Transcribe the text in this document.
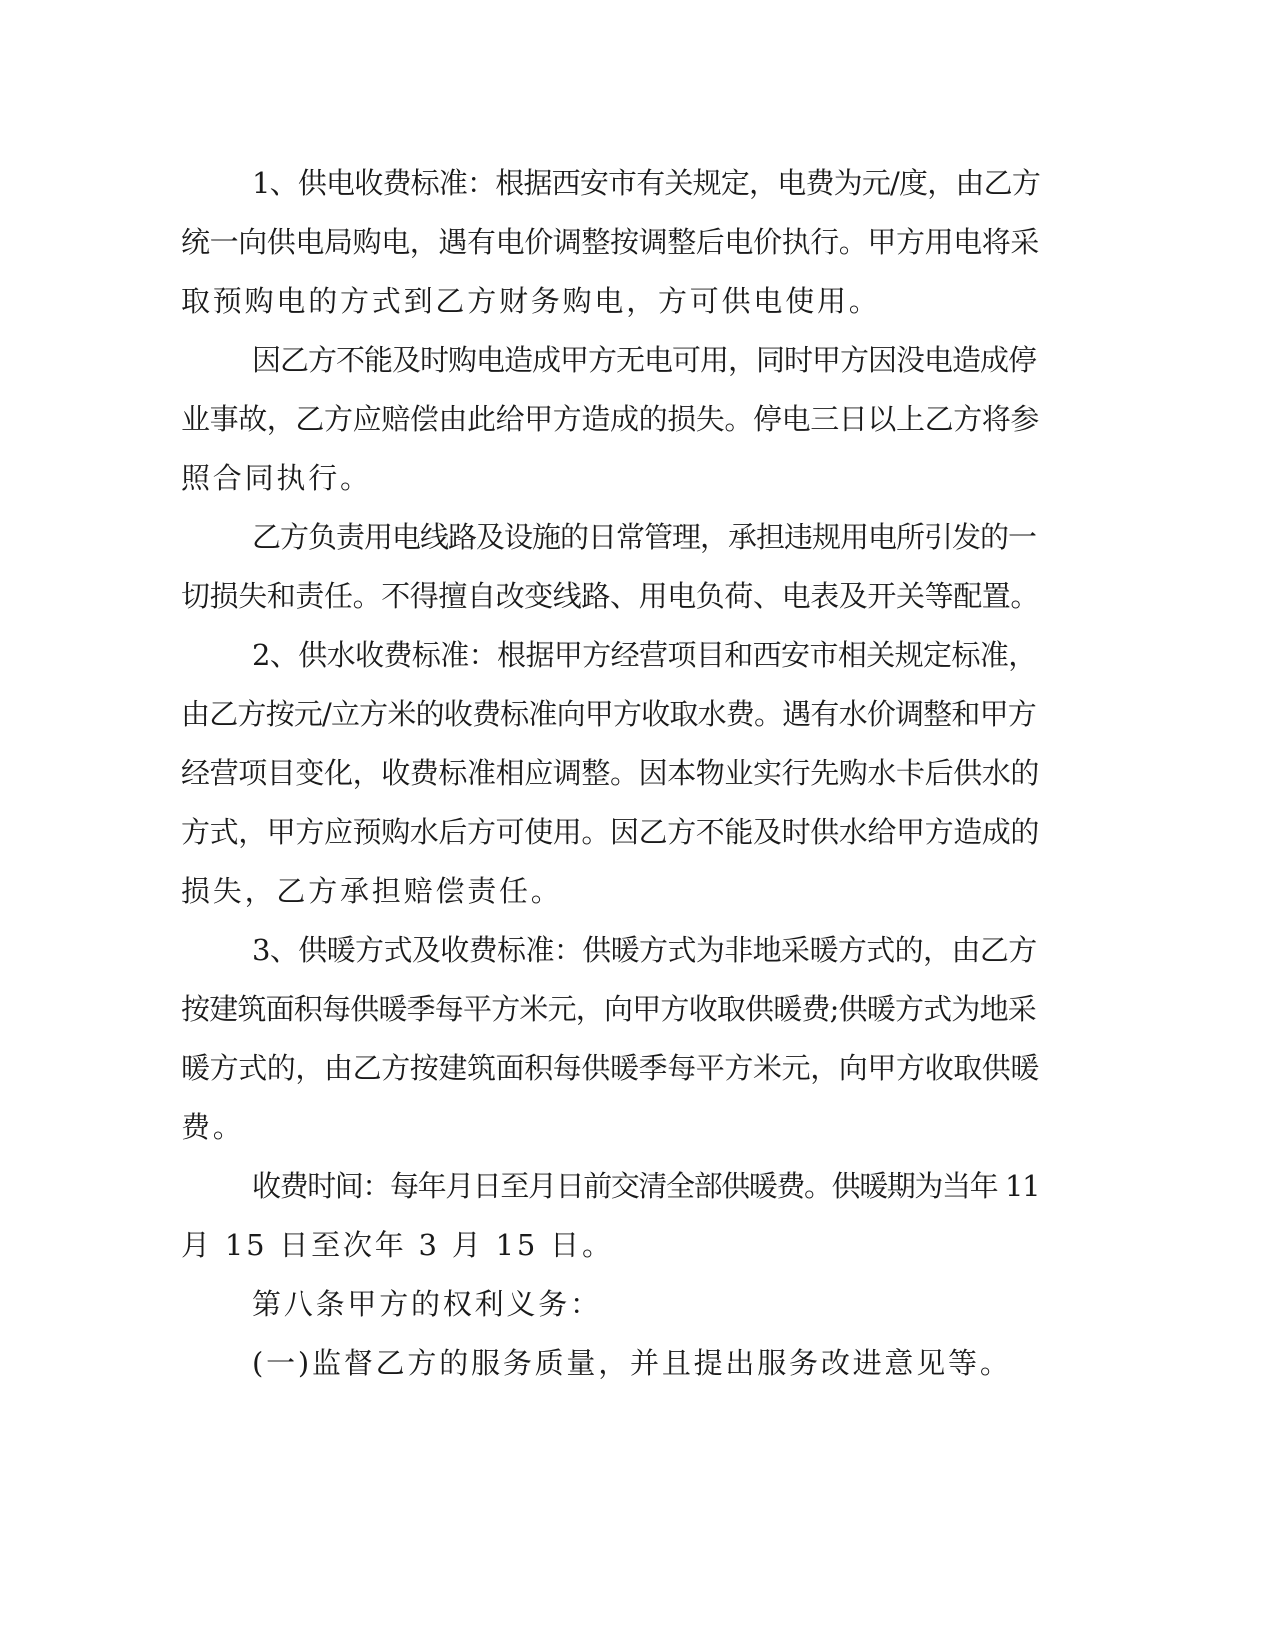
1、供电收费标准：根据西安市有关规定，电费为元/度，由乙方
统一向供电局购电，遇有电价调整按调整后电价执行。甲方用电将采
取预购电的方式到乙方财务购电，方可供电使用。
因乙方不能及时购电造成甲方无电可用，同时甲方因没电造成停
业事故，乙方应赔偿由此给甲方造成的损失。停电三日以上乙方将参
照合同执行。
乙方负责用电线路及设施的日常管理，承担违规用电所引发的一
切损失和责任。不得擅自改变线路、用电负荷、电表及开关等配置。
2、供水收费标准：根据甲方经营项目和西安市相关规定标准，
由乙方按元/立方米的收费标准向甲方收取水费。遇有水价调整和甲方
经营项目变化，收费标准相应调整。因本物业实行先购水卡后供水的
方式，甲方应预购水后方可使用。因乙方不能及时供水给甲方造成的
损失，乙方承担赔偿责任。
3、供暖方式及收费标准：供暖方式为非地采暖方式的，由乙方
按建筑面积每供暖季每平方米元，向甲方收取供暖费;供暖方式为地采
暖方式的，由乙方按建筑面积每供暖季每平方米元，向甲方收取供暖
费。
收费时间：每年月日至月日前交清全部供暖费。供暖期为当年 11
月 15 日至次年 3 月 15 日。
第八条甲方的权利义务：
(一)监督乙方的服务质量，并且提出服务改进意见等。
